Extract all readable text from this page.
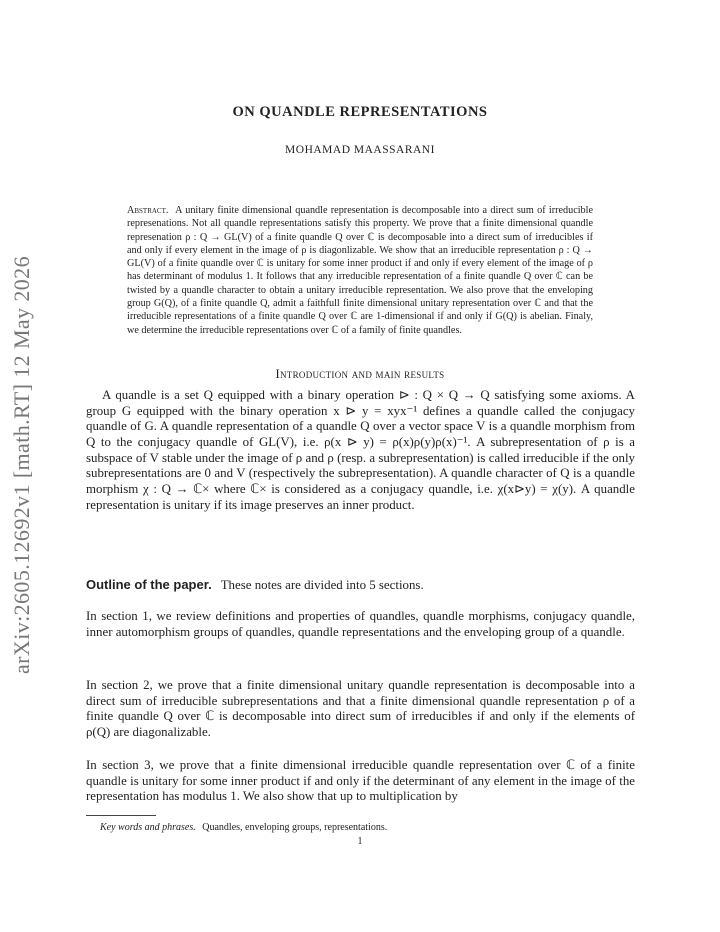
arXiv:2605.12692v1 [math.RT] 12 May 2026
ON QUANDLE REPRESENTATIONS
MOHAMAD MAASSARANI

Abstract. A unitary finite dimensional quandle representation is decomposable into a direct sum of irreducible represenations. Not all quandle representations satisfy this property. We prove that a finite dimensional quandle represenation ρ : Q → GL(V) of a finite quandle Q over ℂ is decomposable into a direct sum of irreducibles if and only if every element in the image of ρ is diagonlizable. We show that an irreducible representation ρ : Q → GL(V) of a finite quandle over ℂ is unitary for some inner product if and only if every element of the image of ρ has determinant of modulus 1. It follows that any irreducible representation of a finite quandle Q over ℂ can be twisted by a quandle character to obtain a unitary irreducible representation. We also prove that the enveloping group G(Q), of a finite quandle Q, admit a faithfull finite dimensional unitary representation over ℂ and that the irreducible representations of a finite quandle Q over ℂ are 1-dimensional if and only if G(Q) is abelian. Finaly, we determine the irreducible representations over ℂ of a family of finite quandles.

Introduction and main results

A quandle is a set Q equipped with a binary operation ⊳ : Q × Q → Q satisfying some axioms. A group G equipped with the binary operation x ⊳ y = xyx⁻¹ defines a quandle called the conjugacy quandle of G. A quandle representation of a quandle Q over a vector space V is a quandle morphism from Q to the conjugacy quandle of GL(V), i.e. ρ(x ⊳ y) = ρ(x)ρ(y)ρ(x)⁻¹. A subrepresentation of ρ is a subspace of V stable under the image of ρ and ρ (resp. a subrepresentation) is called irreducible if the only subrepresentations are 0 and V (respectively the subrepresentation). A quandle character of Q is a quandle morphism χ : Q → ℂ× where ℂ× is considered as a conjugacy quandle, i.e. χ(x⊳y) = χ(y). A quandle representation is unitary if its image preserves an inner product.

Outline of the paper. These notes are divided into 5 sections.

In section 1, we review definitions and properties of quandles, quandle morphisms, conjugacy quandle, inner automorphism groups of quandles, quandle representations and the enveloping group of a quandle.

In section 2, we prove that a finite dimensional unitary quandle representation is decomposable into a direct sum of irreducible subrepresentations and that a finite dimensional quandle representation ρ of a finite quandle Q over ℂ is decomposable into direct sum of irreducibles if and only if the elements of ρ(Q) are diagonalizable.

In section 3, we prove that a finite dimensional irreducible quandle representation over ℂ of a finite quandle is unitary for some inner product if and only if the determinant of any element in the image of the representation has modulus 1. We also show that up to multiplication by

Key words and phrases. Quandles, enveloping groups, representations.
1
